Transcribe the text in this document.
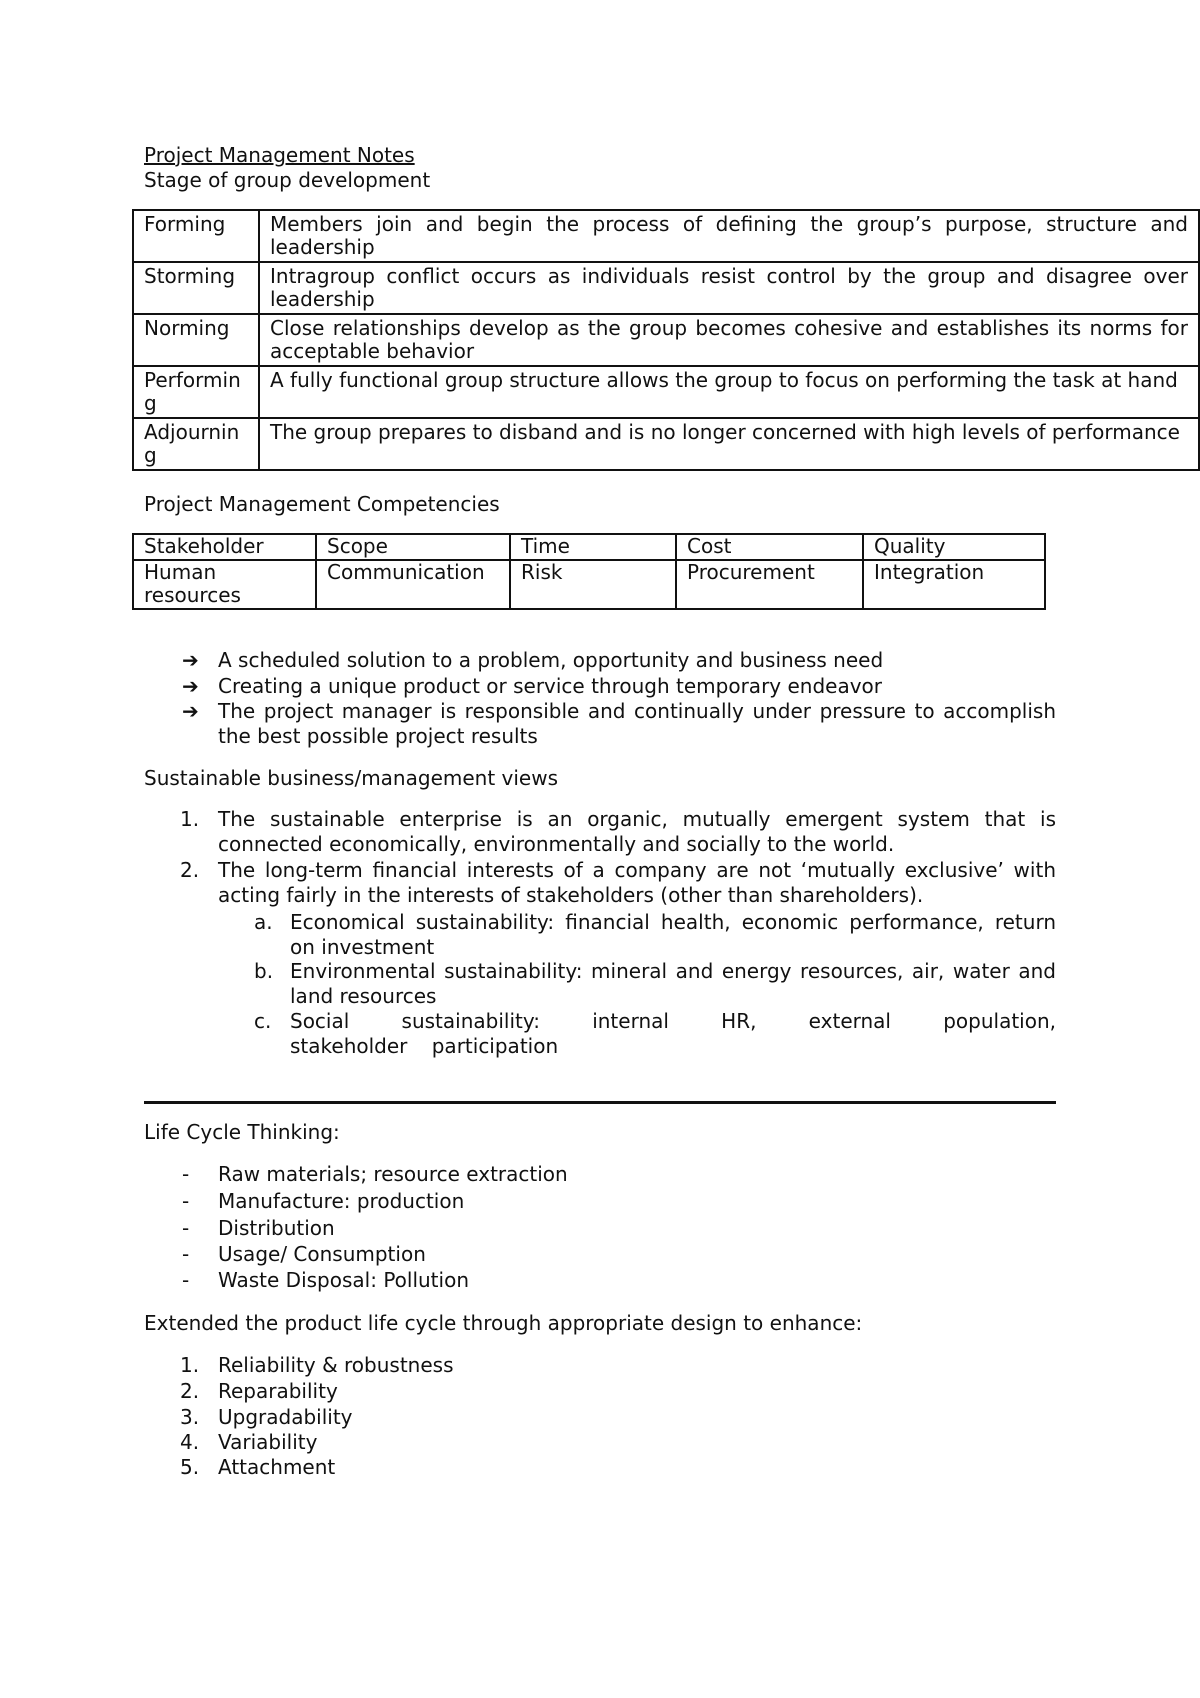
Project Management Notes
Stage of group development
Forming	Members join and begin the process of defining the group’s purpose, structure and leadership
Storming	Intragroup conflict occurs as individuals resist control by the group and disagree over leadership
Norming	Close relationships develop as the group becomes cohesive and establishes its norms for acceptable behavior
Performing	A fully functional group structure allows the group to focus on performing the task at hand
Adjourning	The group prepares to disband and is no longer concerned with high levels of performance
Project Management Competencies
Stakeholder	Scope	Time	Cost	Quality

Human resources	Communication	Risk	Procurement	Integration
➔ A scheduled solution to a problem, opportunity and business need
➔ Creating a unique product or service through temporary endeavor
➔ The project manager is responsible and continually under pressure to accomplish the best possible project results
Sustainable business/management views
1. The sustainable enterprise is an organic, mutually emergent system that is connected economically, environmentally and socially to the world.
2. The long-term financial interests of a company are not ‘mutually exclusive’ with acting fairly in the interests of stakeholders (other than shareholders).
a. Economical sustainability: financial health, economic performance, return on investment
b. Environmental sustainability: mineral and energy resources, air, water and land resources
c. Social sustainability: internal HR, external population, stakeholder participation
Life Cycle Thinking:
- Raw materials; resource extraction
- Manufacture: production
- Distribution
- Usage/ Consumption
- Waste Disposal: Pollution
Extended the product life cycle through appropriate design to enhance:
1. Reliability & robustness
2. Reparability
3. Upgradability
4. Variability
5. Attachment
